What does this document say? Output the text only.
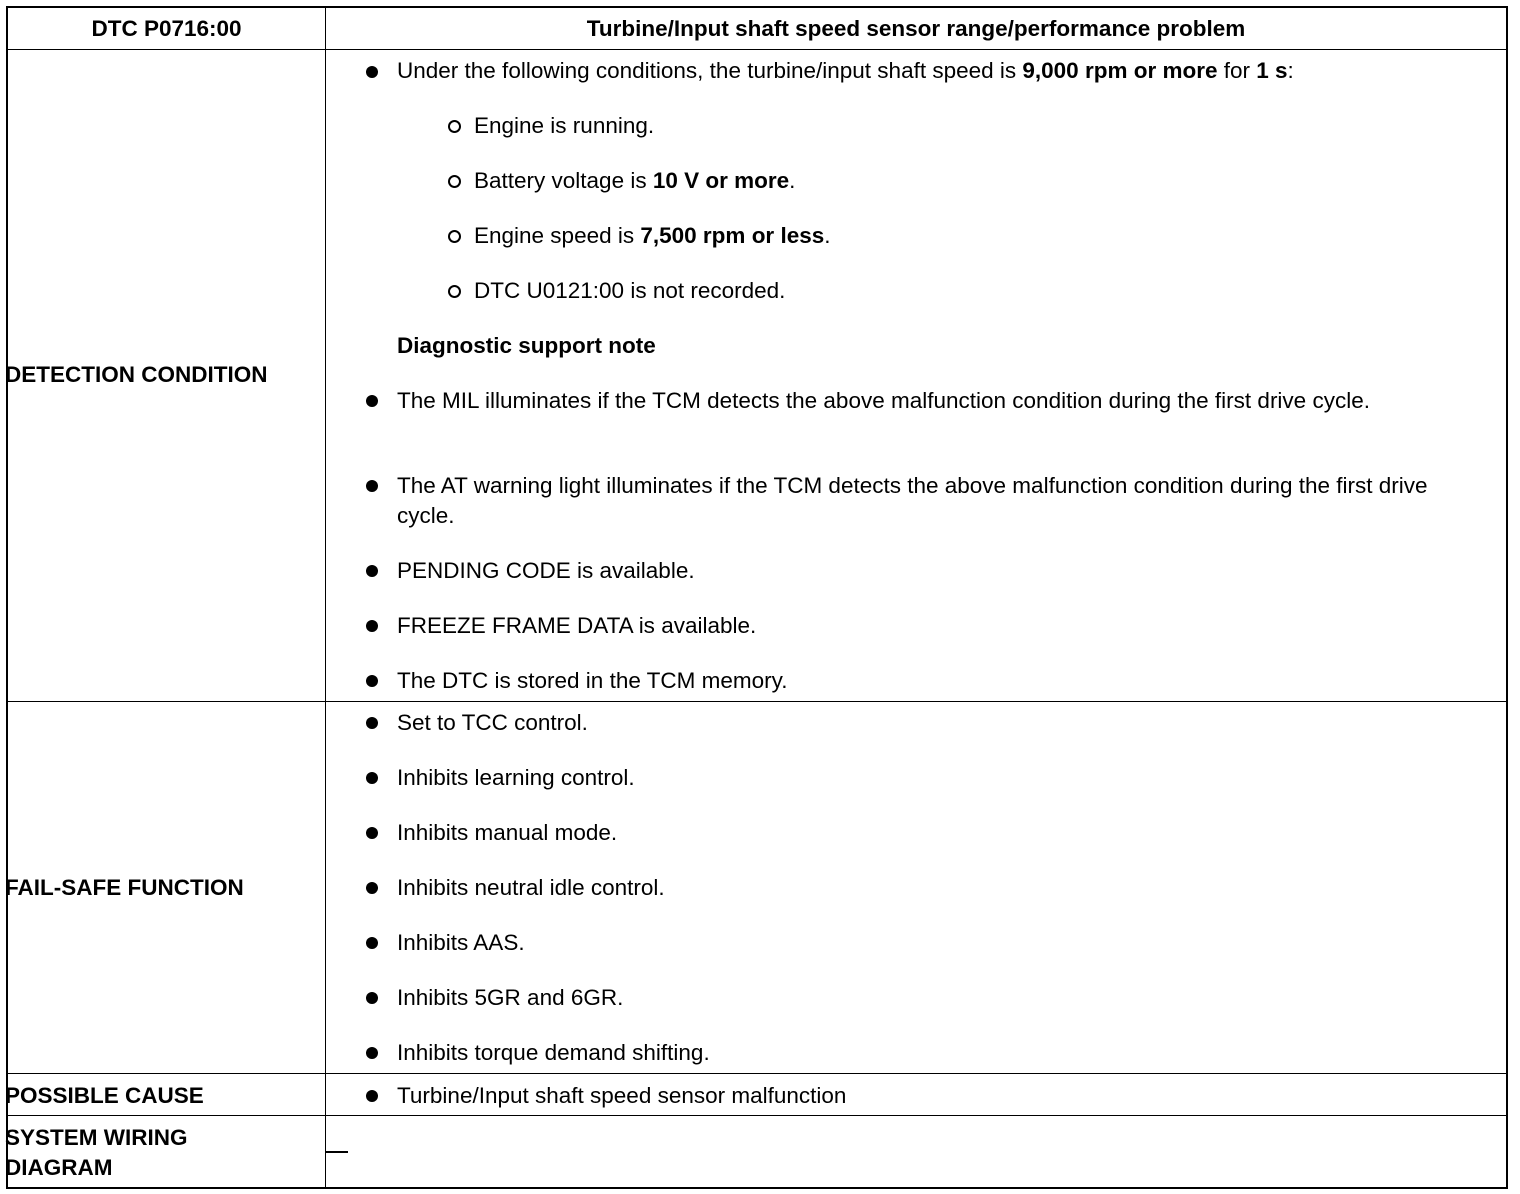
DTC P0716:00	Turbine/Input shaft speed sensor range/performance problem
DETECTION CONDITION
Under the following conditions, the turbine/input shaft speed is 9,000 rpm or more for 1 s:
Engine is running.
Battery voltage is 10 V or more.
Engine speed is 7,500 rpm or less.
DTC U0121:00 is not recorded.
Diagnostic support note
The MIL illuminates if the TCM detects the above malfunction condition during the first drive cycle.
The AT warning light illuminates if the TCM detects the above malfunction condition during the first drive cycle.
PENDING CODE is available.
FREEZE FRAME DATA is available.
The DTC is stored in the TCM memory.
FAIL-SAFE FUNCTION
Set to TCC control.
Inhibits learning control.
Inhibits manual mode.
Inhibits neutral idle control.
Inhibits AAS.
Inhibits 5GR and 6GR.
Inhibits torque demand shifting.
POSSIBLE CAUSE	Turbine/Input shaft speed sensor malfunction
SYSTEM WIRING DIAGRAM
